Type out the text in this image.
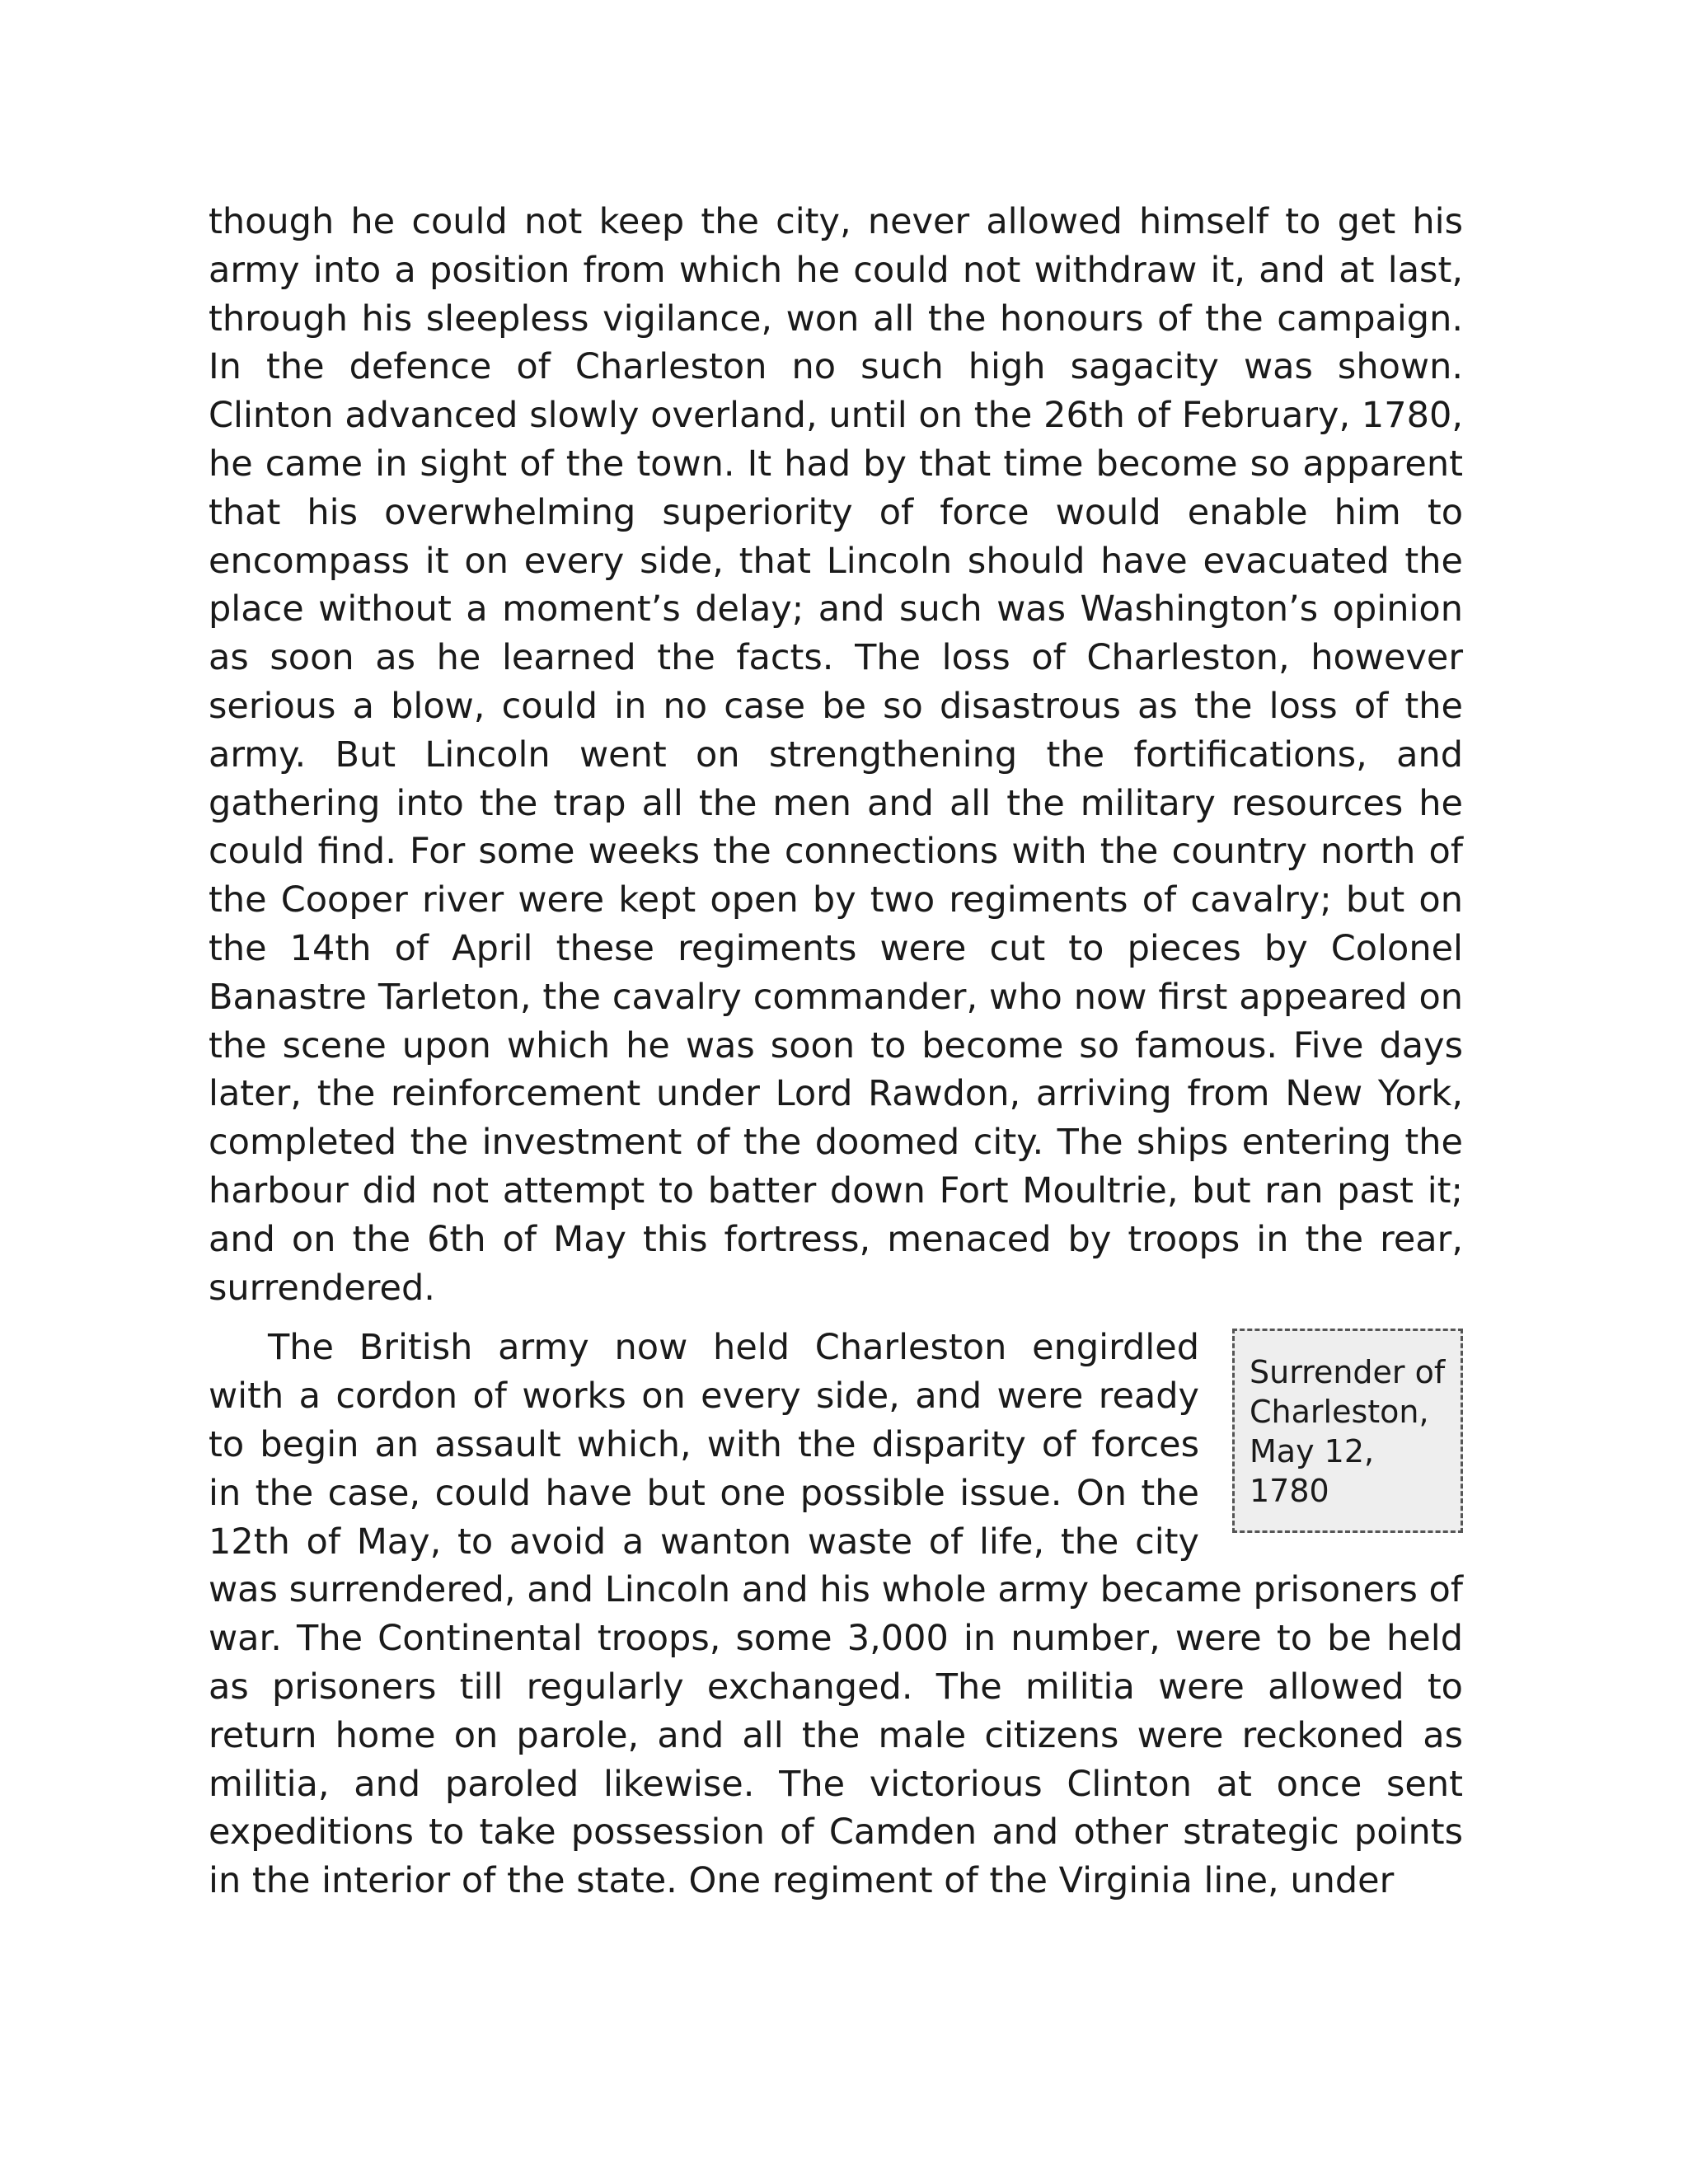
though he could not keep the city, never allowed himself to get his army into a position from which he could not withdraw it, and at last, through his sleepless vigilance, won all the honours of the campaign. In the defence of Charleston no such high sagacity was shown. Clinton advanced slowly overland, until on the 26th of February, 1780, he came in sight of the town. It had by that time become so apparent that his overwhelming superiority of force would enable him to encompass it on every side, that Lincoln should have evacuated the place without a moment’s delay; and such was Washington’s opinion as soon as he learned the facts. The loss of Charleston, however serious a blow, could in no case be so disastrous as the loss of the army. But Lincoln went on strengthening the fortifications, and gathering into the trap all the men and all the military resources he could find. For some weeks the connections with the country north of the Cooper river were kept open by two regiments of cavalry; but on the 14th of April these regiments were cut to pieces by Colonel Banastre Tarleton, the cavalry commander, who now first appeared on the scene upon which he was soon to become so famous. Five days later, the reinforcement under Lord Rawdon, arriving from New York, completed the investment of the doomed city. The ships entering the harbour did not attempt to batter down Fort Moultrie, but ran past it; and on the 6th of May this fortress, menaced by troops in the rear, surrendered.

Surrender of
Charleston,
May 12,
1780
The British army now held Charleston engirdled with a cordon of works on every side, and were ready to begin an assault which, with the disparity of forces in the case, could have but one possible issue. On the 12th of May, to avoid a wanton waste of life, the city was surrendered, and Lincoln and his whole army became prisoners of war. The Continental troops, some 3,000 in number, were to be held as prisoners till regularly exchanged. The militia were allowed to return home on parole, and all the male citizens were reckoned as militia, and paroled likewise. The victorious Clinton at once sent expeditions to take possession of Camden and other strategic points in the interior of the state. One regiment of the Virginia line, under
